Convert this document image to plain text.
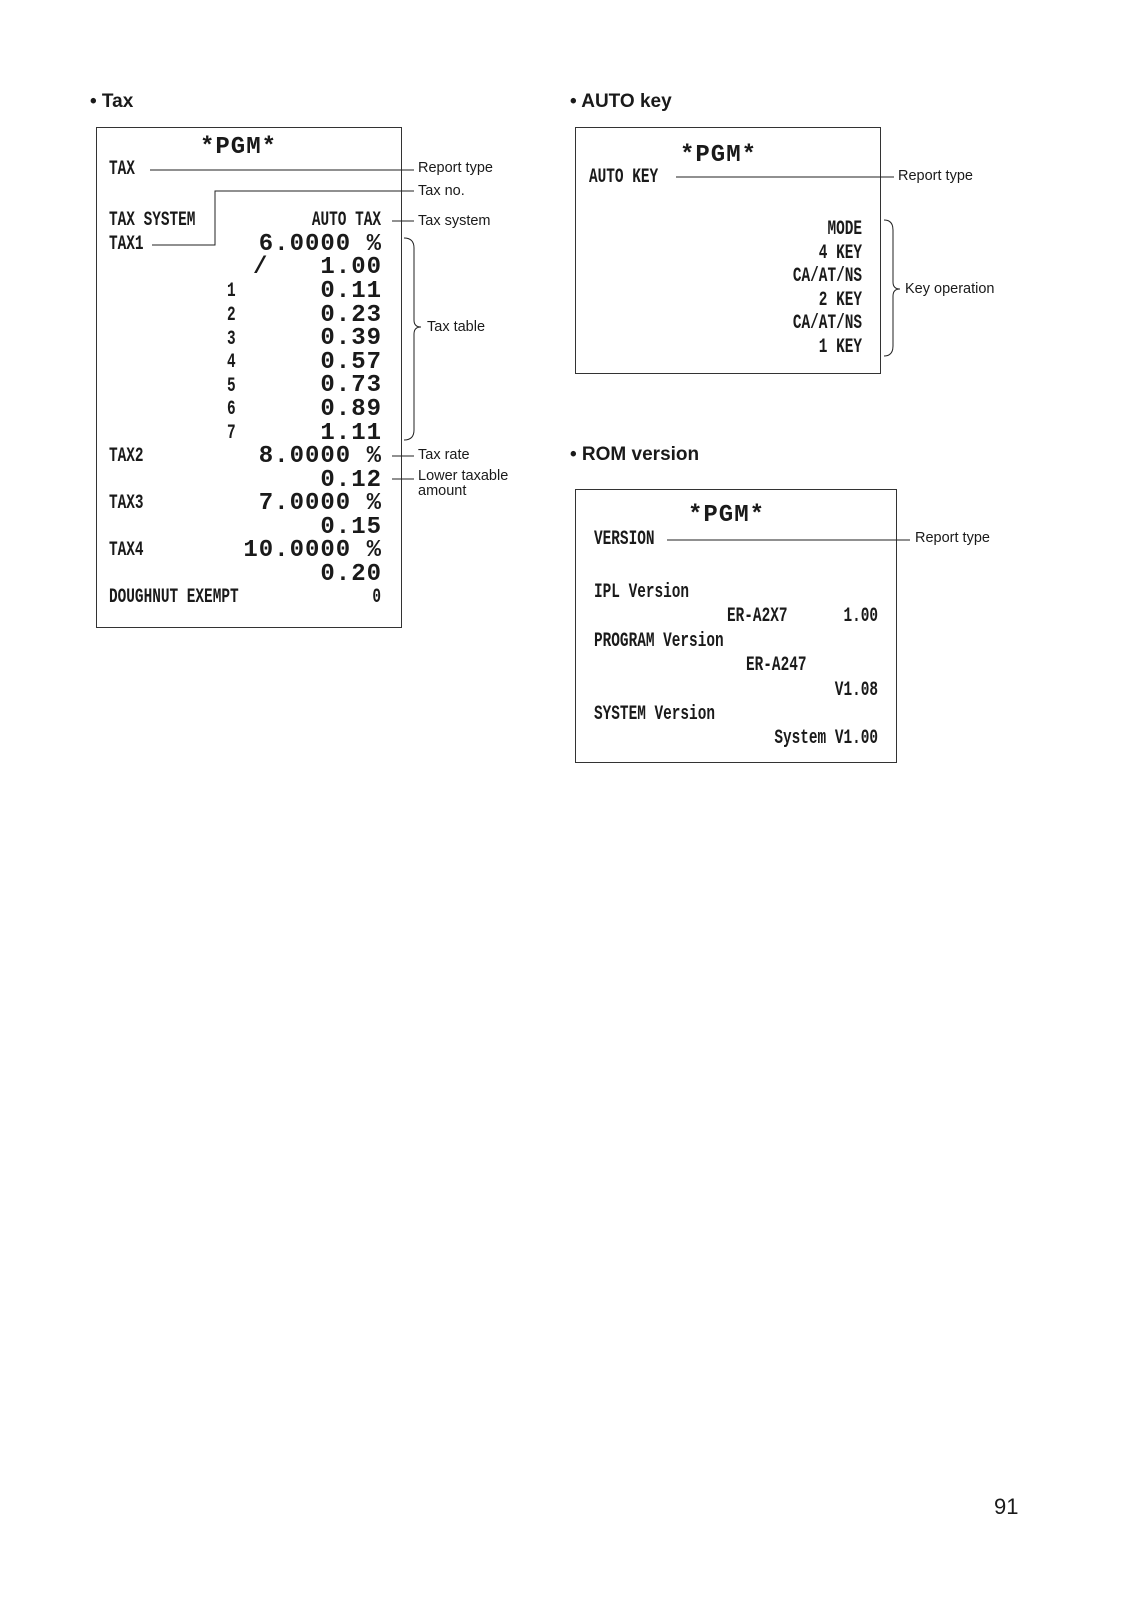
• Tax	• AUTO key
• ROM version
*PGM*
TAX
TAX SYSTEM	AUTO TAX
TAX1	6.0000 %
/ 1.00
1	0.11
2	0.23
3	0.39
4	0.57
5	0.73
6	0.89
7	1.11
TAX2	8.0000 %
0.12
TAX3	7.0000 %
0.15
TAX4	10.0000 %
0.20
DOUGHNUT EXEMPT	0
Report type
Tax no.
Tax system
Tax table
Tax rate
Lower taxable
amount
*PGM*
AUTO KEY
MODE
4 KEY
CA/AT/NS
2 KEY
CA/AT/NS
1 KEY
Report type
Key operation
*PGM*
VERSION
IPL Version
ER-A2X7	1.00
PROGRAM Version
ER-A247
V1.08
SYSTEM Version
System V1.00
Report type
91
